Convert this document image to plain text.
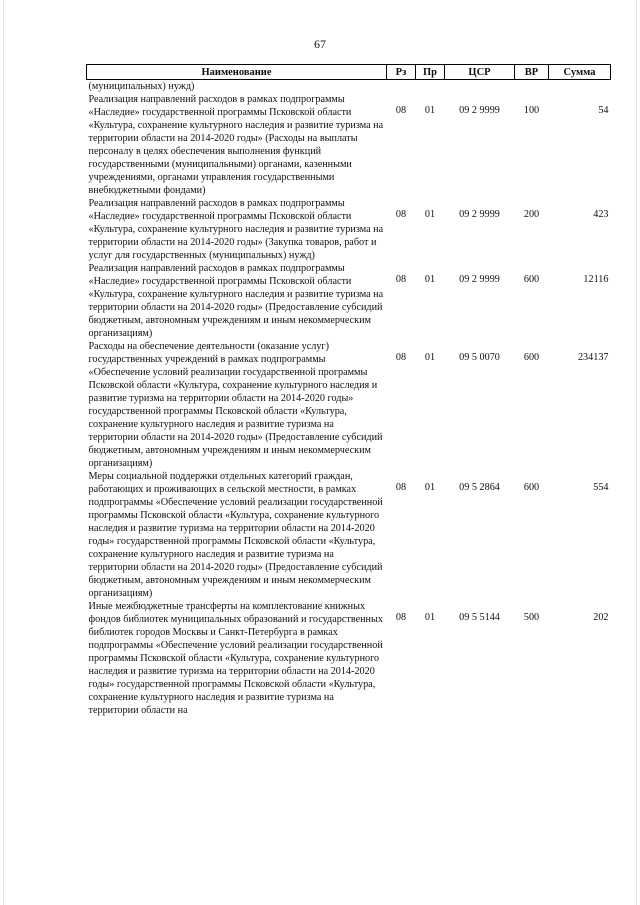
67
Наименование	Рз	Пр	ЦСР	ВР	Сумма
(муниципальных) нужд)					
Реализация направлений расходов в рамках подпрограммы «Наследие» государственной программы Псковской области «Культура, сохранение культурного наследия и развитие туризма на территории области на 2014-2020 годы» (Расходы на выплаты персоналу в целях обеспечения выполнения функций государственными (муниципальными) органами, казенными учреждениями, органами управления государственными внебюджетными фондами)	08	01	09 2 9999	100	54
Реализация направлений расходов в рамках подпрограммы «Наследие» государственной программы Псковской области «Культура, сохранение культурного наследия и развитие туризма на территории области на 2014-2020 годы» (Закупка товаров, работ и услуг для государственных (муниципальных) нужд)	08	01	09 2 9999	200	423
Реализация направлений расходов в рамках подпрограммы «Наследие» государственной программы Псковской области «Культура, сохранение культурного наследия и развитие туризма на территории области на 2014-2020 годы» (Предоставление субсидий бюджетным, автономным учреждениям и иным некоммерческим организациям)	08	01	09 2 9999	600	12116
Расходы на обеспечение деятельности (оказание услуг) государственных учреждений в рамках подпрограммы «Обеспечение условий реализации государственной программы Псковской области «Культура, сохранение культурного наследия и развитие туризма на территории области на 2014-2020 годы» государственной программы Псковской области «Культура, сохранение культурного наследия и развитие туризма на территории области на 2014-2020 годы» (Предоставление субсидий бюджетным, автономным учреждениям и иным некоммерческим организациям)	08	01	09 5 0070	600	234137
Меры социальной поддержки отдельных категорий граждан, работающих и проживающих в сельской местности, в рамках подпрограммы «Обеспечение условий реализации государственной программы Псковской области «Культура, сохранение культурного наследия и развитие туризма на территории области на 2014-2020 годы» государственной программы Псковской области «Культура, сохранение культурного наследия и развитие туризма на территории области на 2014-2020 годы» (Предоставление субсидий бюджетным, автономным учреждениям и иным некоммерческим организациям)	08	01	09 5 2864	600	554
Иные межбюджетные трансферты на комплектование книжных фондов библиотек муниципальных образований и государственных библиотек городов Москвы и Санкт-Петербурга в рамках подпрограммы «Обеспечение условий реализации государственной программы Псковской области «Культура, сохранение культурного наследия и развитие туризма на территории области на 2014-2020 годы» государственной программы Псковской области «Культура, сохранение культурного наследия и развитие туризма на территории области на	08	01	09 5 5144	500	202
